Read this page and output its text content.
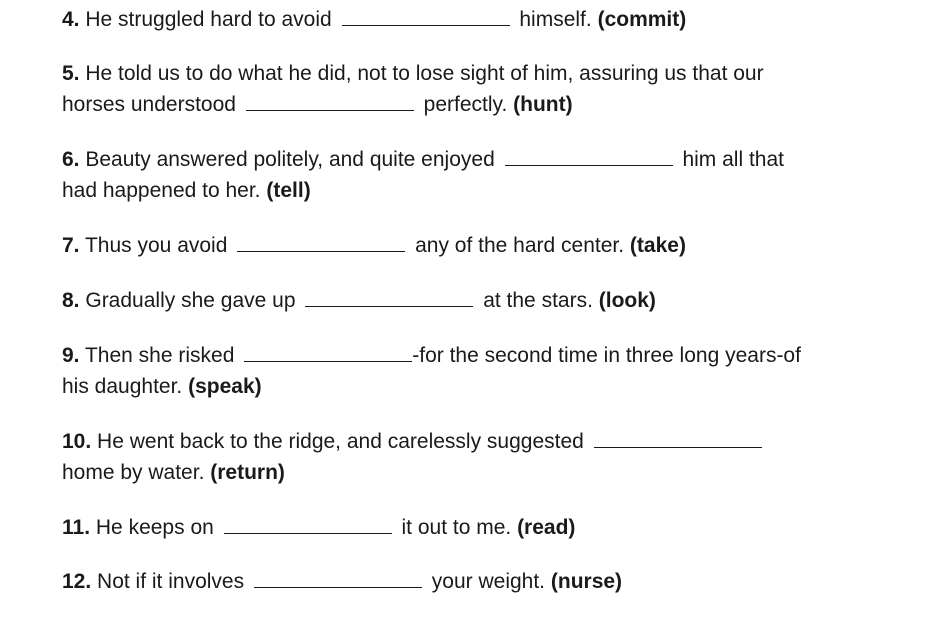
4. He struggled hard to avoid	himself. (commit)
5. He told us to do what he did, not to lose sight of him, assuring us that our
horses understood	perfectly. (hunt)
6. Beauty answered politely, and quite enjoyed	him all that
had happened to her. (tell)
7. Thus you avoid	any of the hard center. (take)
8. Gradually she gave up	at the stars. (look)
9. Then she risked	-for the second time in three long years-of
his daughter. (speak)
10. He went back to the ridge, and carelessly suggested
home by water. (return)
11. He keeps on	it out to me. (read)
12. Not if it involves	your weight. (nurse)
